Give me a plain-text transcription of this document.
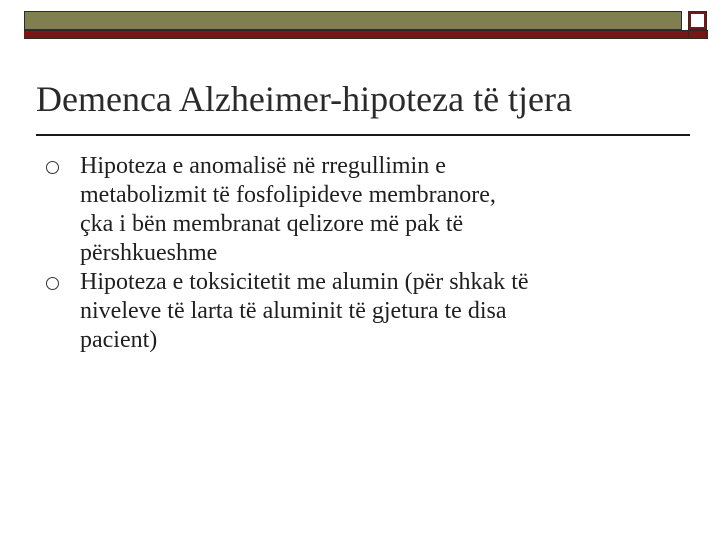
Demenca Alzheimer-hipoteza të tjera
Hipoteza e anomalisë në rregullimin e
metabolizmit të fosfolipideve membranore,
çka i bën membranat qelizore më pak të
përshkueshme
Hipoteza e toksicitetit me alumin (për shkak të
niveleve të larta të aluminit të gjetura te disa
pacient)
